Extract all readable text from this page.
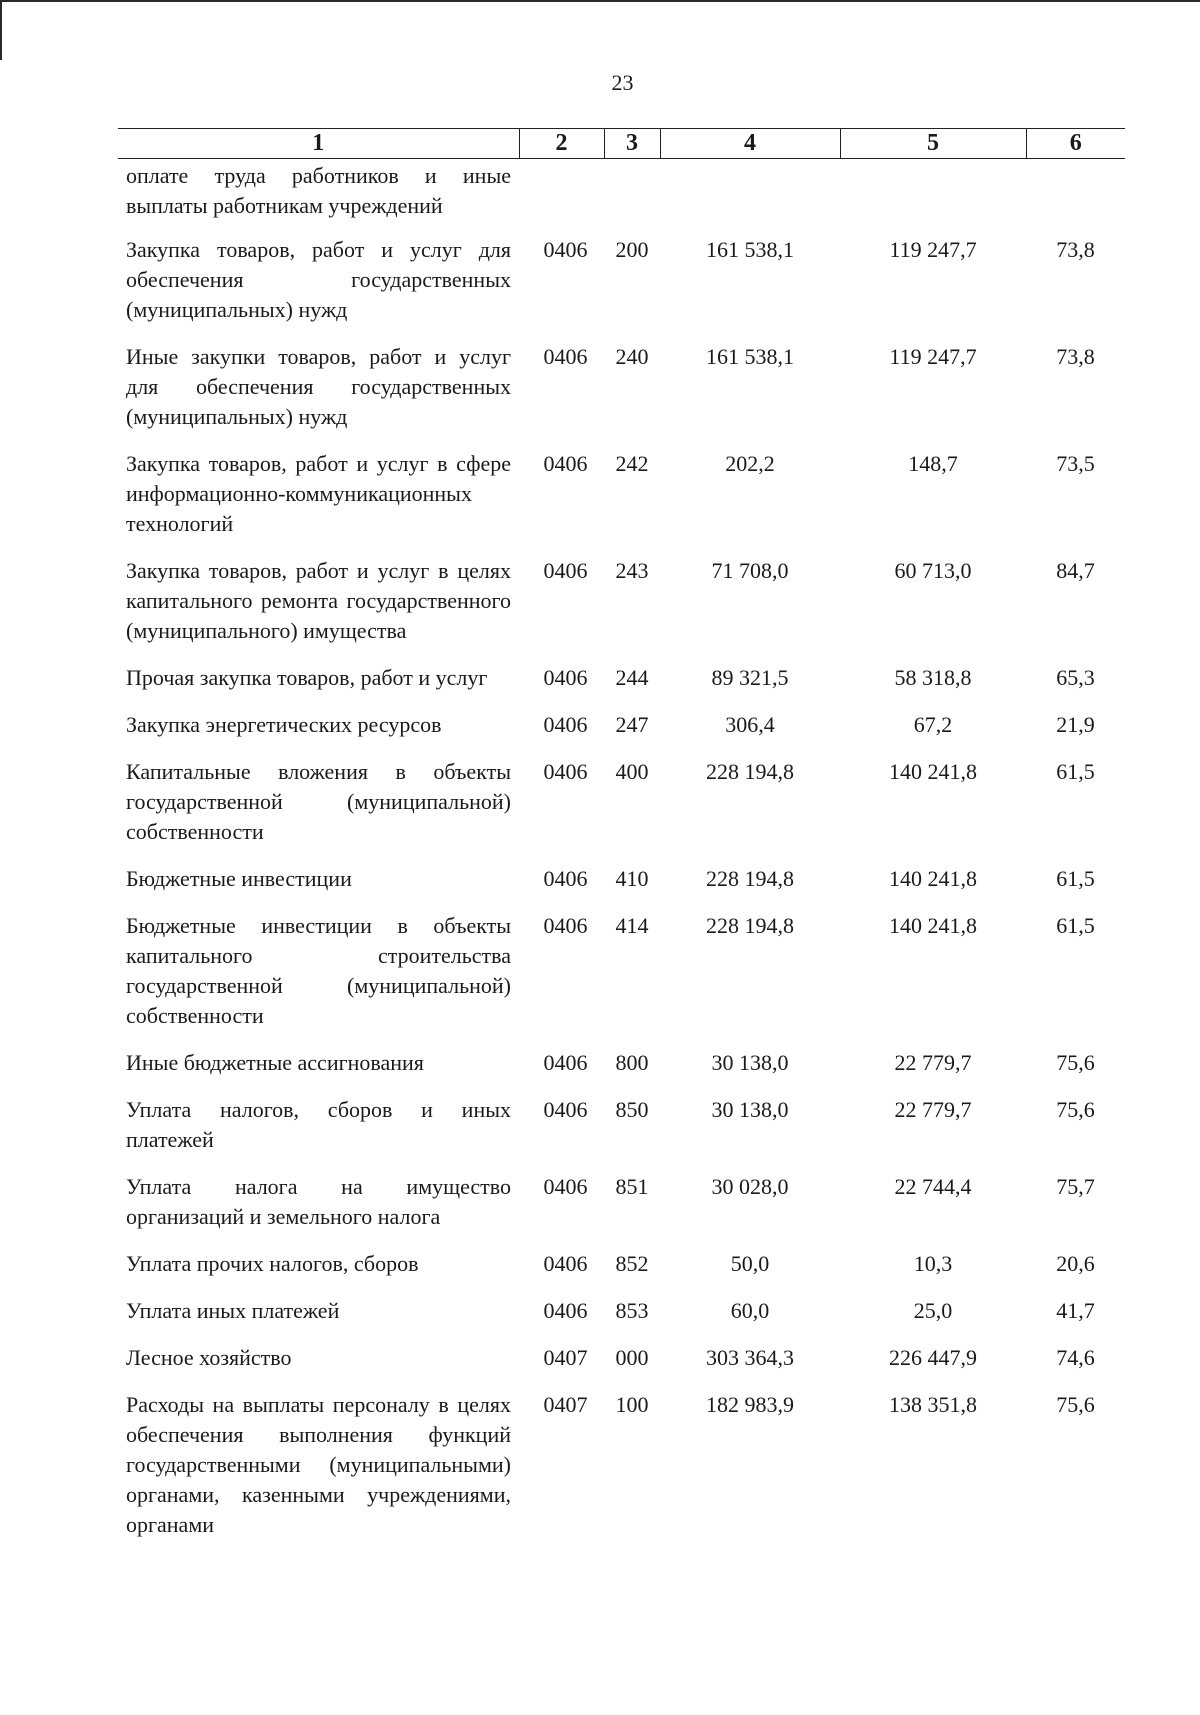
23
1	2	3	4	5	6
оплате труда работников и иные выплаты работникам учреждений					
Закупка товаров, работ и услуг для обеспечения государственных (муниципальных) нужд	0406	200	161 538,1	119 247,7	73,8
Иные закупки товаров, работ и услуг для обеспечения государственных (муниципальных) нужд	0406	240	161 538,1	119 247,7	73,8
Закупка товаров, работ и услуг в сфере информационно-коммуникационных технологий	0406	242	202,2	148,7	73,5
Закупка товаров, работ и услуг в целях капитального ремонта государственного (муниципального) имущества	0406	243	71 708,0	60 713,0	84,7
Прочая закупка товаров, работ и услуг	0406	244	89 321,5	58 318,8	65,3
Закупка энергетических ресурсов	0406	247	306,4	67,2	21,9
Капитальные вложения в объекты государственной (муниципальной) собственности	0406	400	228 194,8	140 241,8	61,5
Бюджетные инвестиции	0406	410	228 194,8	140 241,8	61,5
Бюджетные инвестиции в объекты капитального строительства государственной (муниципальной) собственности	0406	414	228 194,8	140 241,8	61,5
Иные бюджетные ассигнования	0406	800	30 138,0	22 779,7	75,6
Уплата налогов, сборов и иных платежей	0406	850	30 138,0	22 779,7	75,6
Уплата налога на имущество организаций и земельного налога	0406	851	30 028,0	22 744,4	75,7
Уплата прочих налогов, сборов	0406	852	50,0	10,3	20,6
Уплата иных платежей	0406	853	60,0	25,0	41,7
Лесное хозяйство	0407	000	303 364,3	226 447,9	74,6
Расходы на выплаты персоналу в целях обеспечения выполнения функций государственными (муниципальными) органами, казенными учреждениями, органами	0407	100	182 983,9	138 351,8	75,6
